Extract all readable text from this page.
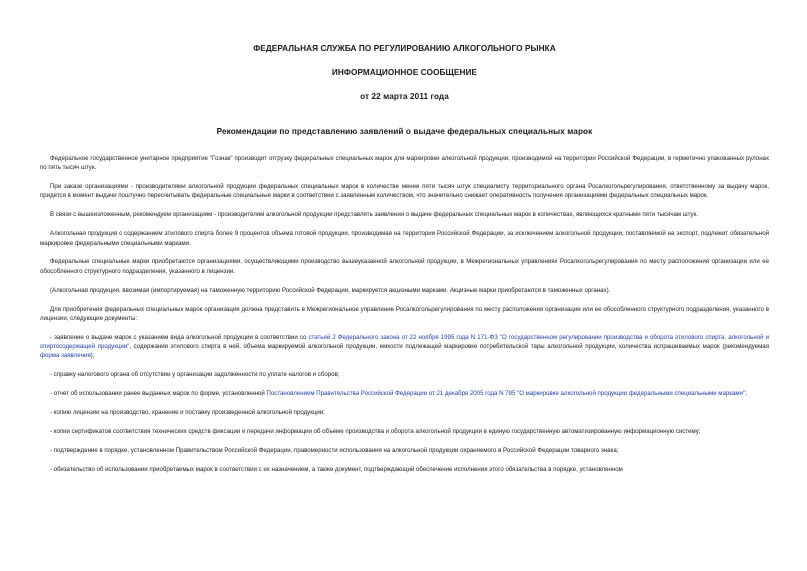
ФЕДЕРАЛЬНАЯ СЛУЖБА ПО РЕГУЛИРОВАНИЮ АЛКОГОЛЬНОГО РЫНКА

ИНФОРМАЦИОННОЕ СООБЩЕНИЕ

от 22 марта 2011 года

Рекомендации по представлению заявлений о выдаче федеральных специальных марок

Федеральное государственное унитарное предприятие "Гознак" производит отгрузку федеральных специальных марок для маркировки алкогольной продукции, производимой на территории Российской Федерации, в герметично упакованных рулонах по пять тысяч штук.

При заказе организациями - производителями алкогольной продукции федеральных специальных марок в количестве менее пяти тысяч штук специалисту территориального органа Росалкогольрегулирования, ответственному за выдачу марок, придется в момент выдачи поштучно пересчитывать федеральные специальные марки в соответствии с заявленным количеством, что значительно снижает оперативность получения организациями федеральных специальных марок.

В связи с вышеизложенным, рекомендуем организациям - производителям алкогольной продукции представлять заявления о выдаче федеральных специальных марок в количествах, являющихся кратными пяти тысячам штук.

Алкогольная продукция с содержанием этилового спирта более 9 процентов объема готовой продукции, производимая на территории Российской Федерации, за исключением алкогольной продукции, поставляемой на экспорт, подлежит обязательной маркировке федеральными специальными марками.

Федеральные специальные марки приобретаются организациями, осуществляющими производство вышеуказанной алкогольной продукции, в Межрегиональных управлениях Росалкогольрегулирования по месту расположения организации или ее обособленного структурного подразделения, указанного в лицензии.

(Алкогольная продукция, ввозимая (импортируемая) на таможенную территорию Российской Федерации, маркируется акцизными марками. Акцизные марки приобретаются в таможенных органах).

Для приобретения федеральных специальных марок организация должна представить в Межрегиональное управление Росалкогольрегулирования по месту расположения организации или ее обособленного структурного подразделения, указанного в лицензии, следующие документы:

- заявление о выдаче марок с указанием вида алкогольной продукции в соответствии со статьей 2 Федерального закона от 22 ноября 1995 года N 171-ФЗ "О государственном регулировании производства и оборота этилового спирта, алкогольной и спиртосодержащей продукции", содержания этилового спирта в ней, объема маркируемой алкогольной продукции, емкости подлежащей маркировке потребительской тары алкогольной продукции, количества испрашиваемых марок (рекомендуемая форма заявления);

- справку налогового органа об отсутствии у организации задолженности по уплате налогов и сборов;

- отчет об использовании ранее выданных марок по форме, установленной Постановлением Правительства Российской Федерации от 21 декабря 2005 года N 785 "О маркировке алкогольной продукции федеральными специальными марками";

- копию лицензии на производство, хранение и поставку произведенной алкогольной продукции;

- копии сертификатов соответствия технических средств фиксации и передачи информации об объеме производства и оборота алкогольной продукции в единую государственную автоматизированную информационную систему;

- подтверждение в порядке, установленном Правительством Российской Федерации, правомерности использования на алкогольной продукции охраняемого в Российской Федерации товарного знака;

- обязательство об использовании приобретаемых марок в соответствии с их назначением, а также документ, подтверждающий обеспечение исполнения этого обязательства в порядке, установленном
